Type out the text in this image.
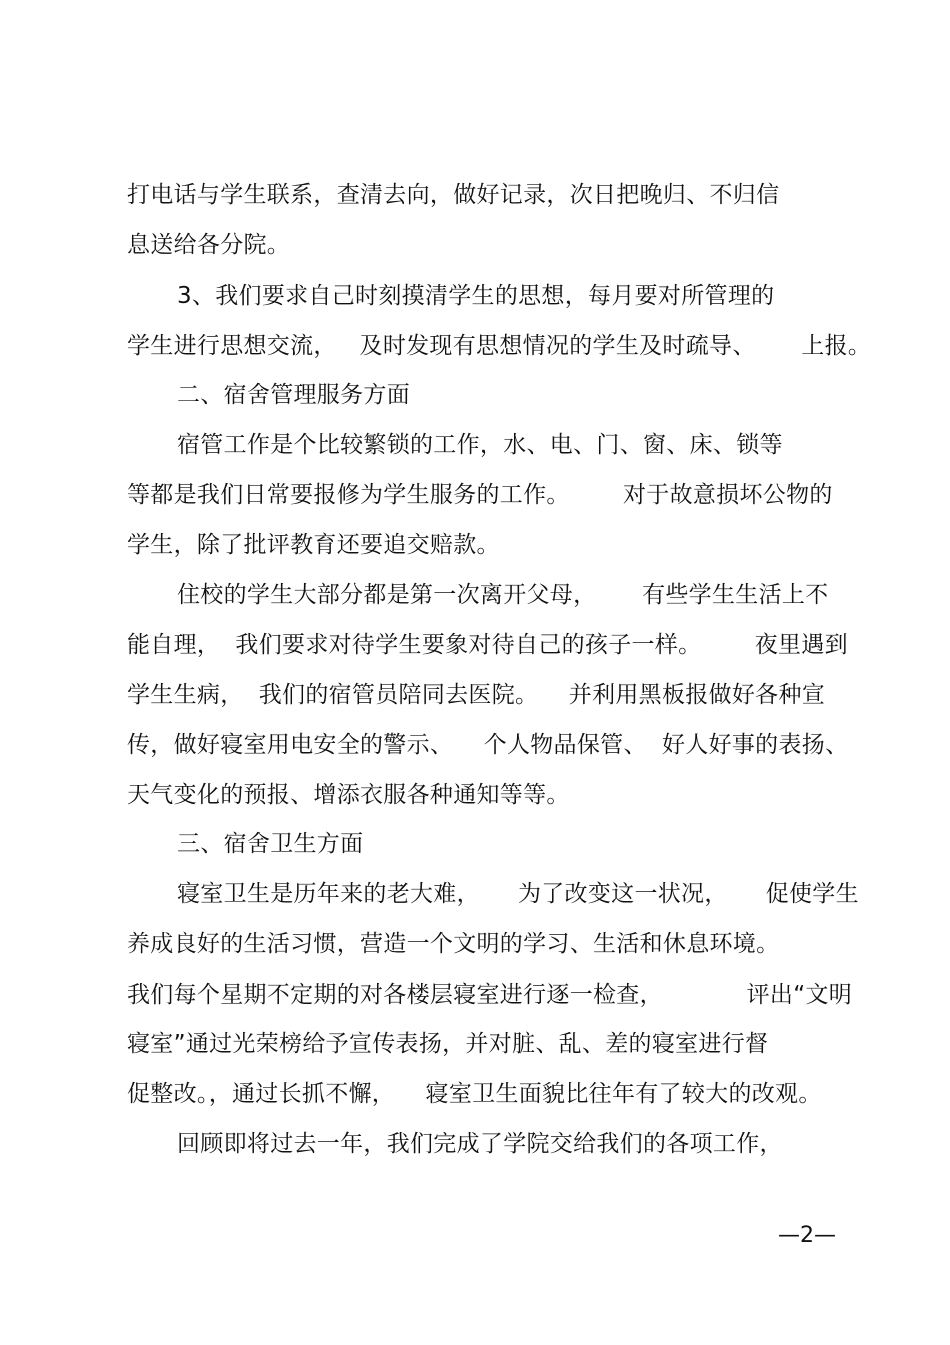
打电话与学生联系，查清去向，做好记录，次日把晚归、不归信
息送给各分院。
3、我们要求自己时刻摸清学生的思想，每月要对所管理的
学生进行思想交流，   及时发现有思想情况的学生及时疏导、      上报。
二、宿舍管理服务方面
宿管工作是个比较繁锁的工作，水、电、门、窗、床、锁等
等都是我们日常要报修为学生服务的工作。       对于故意损坏公物的
学生，除了批评教育还要追交赔款。
住校的学生大部分都是第一次离开父母，      有些学生生活上不
能自理，  我们要求对待学生要象对待自己的孩子一样。       夜里遇到
学生生病，  我们的宿管员陪同去医院。    并利用黑板报做好各种宣
传，做好寝室用电安全的警示、    个人物品保管、  好人好事的表扬、
天气变化的预报、增添衣服各种通知等等。
三、宿舍卫生方面
寝室卫生是历年来的老大难，     为了改变这一状况，     促使学生
养成良好的生活习惯，营造一个文明的学习、生活和休息环境。
我们每个星期不定期的对各楼层寝室进行逐一检查，           评出“文明
寝室”通过光荣榜给予宣传表扬，并对脏、乱、差的寝室进行督
促整改。，通过长抓不懈，    寝室卫生面貌比往年有了较大的改观。
回顾即将过去一年，我们完成了学院交给我们的各项工作，
—2—
